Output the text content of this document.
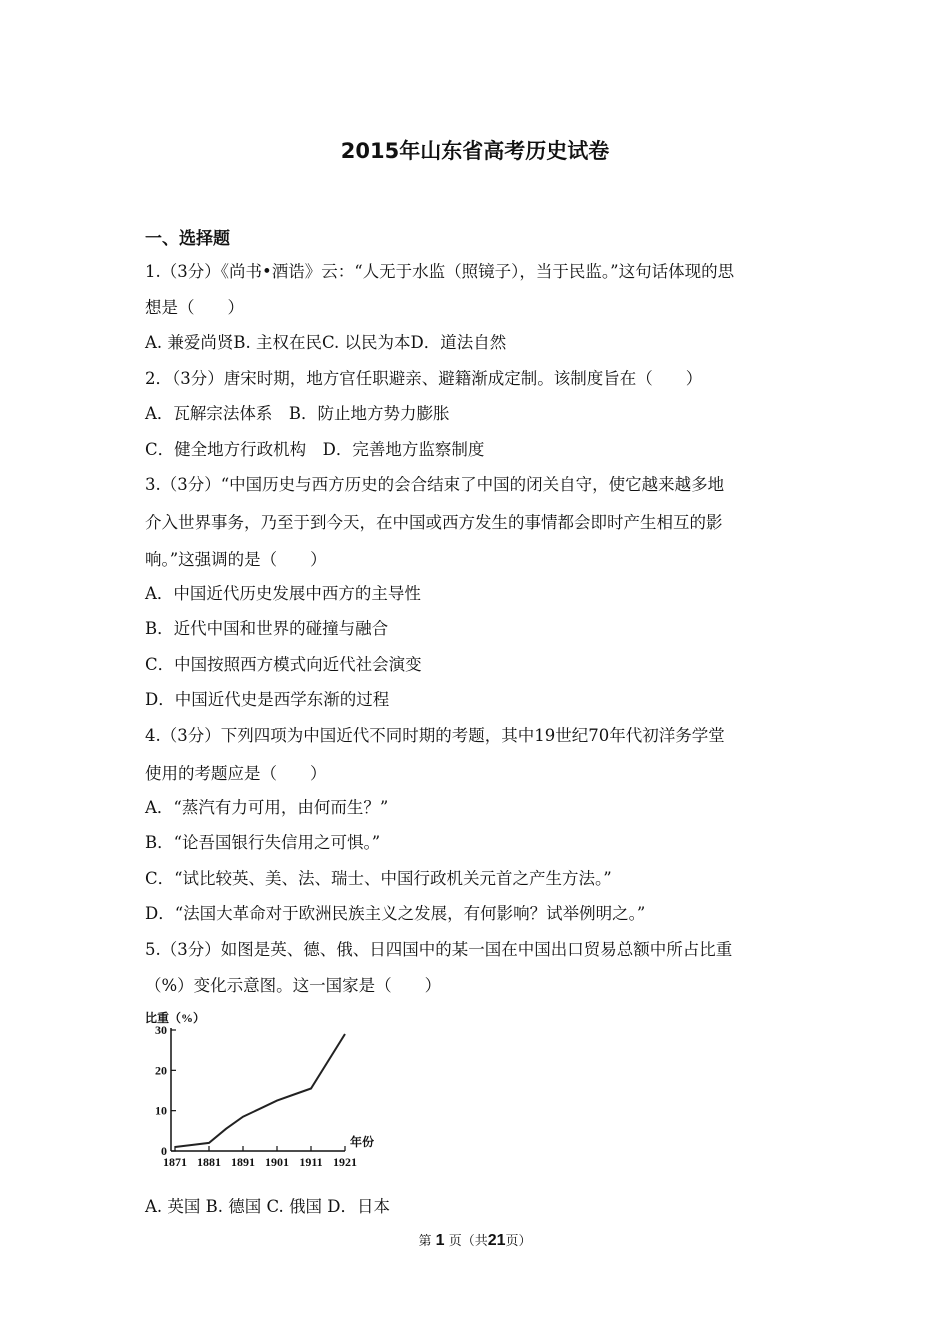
2015年山东省高考历史试卷
一、选择题
1.（3分）《尚书•酒诰》云：“人无于水监（照镜子），当于民监。”这句话体现的思
想是（　　）
A. 兼爱尚贤B. 主权在民C. 以民为本D．道法自然
2．（3分）唐宋时期，地方官任职避亲、避籍渐成定制。该制度旨在（　　）
A．瓦解宗法体系　B．防止地方势力膨胀
C．健全地方行政机构　D．完善地方监察制度
3.（3分）“中国历史与西方历史的会合结束了中国的闭关自守，使它越来越多地
介入世界事务，乃至于到今天，在中国或西方发生的事情都会即时产生相互的影
响。”这强调的是（　　）
A．中国近代历史发展中西方的主导性
B．近代中国和世界的碰撞与融合
C．中国按照西方模式向近代社会演变
D．中国近代史是西学东渐的过程
4.（3分）下列四项为中国近代不同时期的考题，其中19世纪70年代初洋务学堂
使用的考题应是（　　）
A．“蒸汽有力可用，由何而生？”
B．“论吾国银行失信用之可惧。”
C．“试比较英、美、法、瑞士、中国行政机关元首之产生方法。”
D．“法国大革命对于欧洲民族主义之发展，有何影响？试举例明之。”
5.（3分）如图是英、德、俄、日四国中的某一国在中国出口贸易总额中所占比重
（%）变化示意图。这一国家是（　　）
比重（%）
年份
0
10
20
30
1871 1881 1891 1901 1911 1921
A. 英国 B. 德国 C. 俄国 D．日本
第 1 页（共21页）
